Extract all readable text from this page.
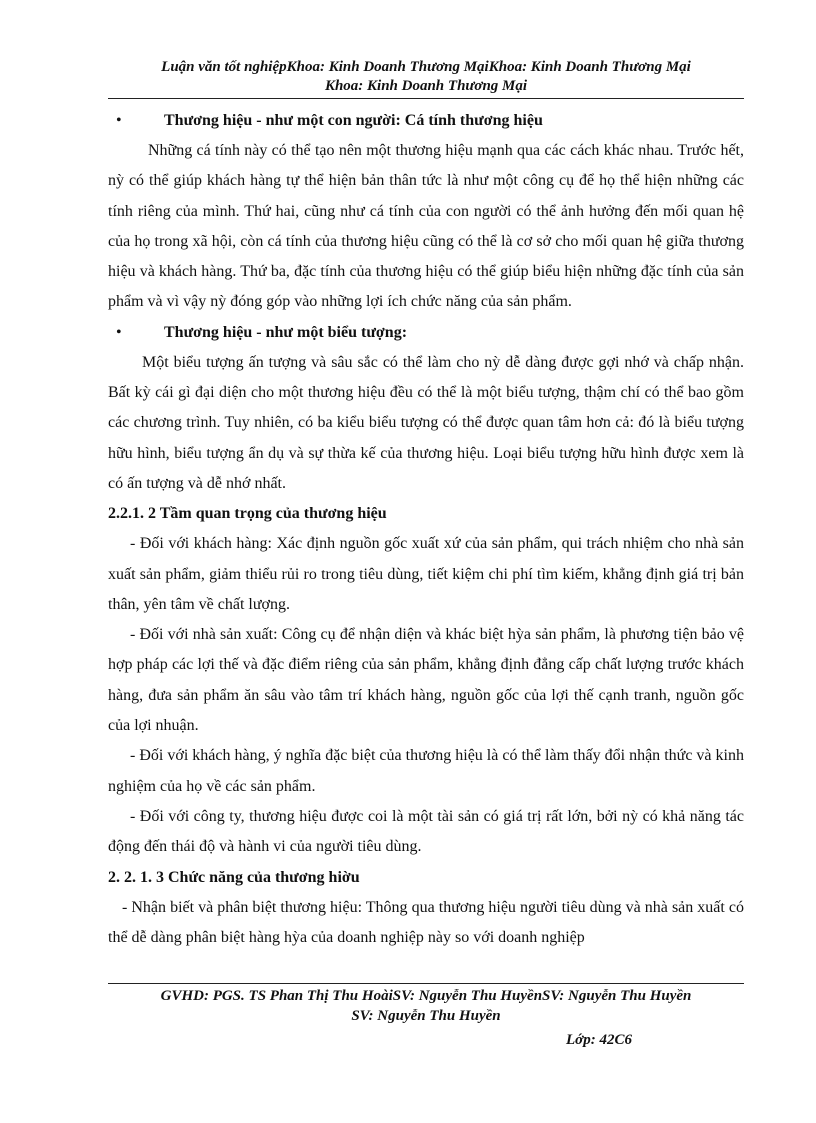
Luận văn tốt nghiệpKhoa: Kinh Doanh Thương MạiKhoa: Kinh Doanh Thương Mại
Khoa: Kinh Doanh Thương Mại
•	Thương hiệu - như một con người: Cá tính thương hiệu

Những cá tính này có thể tạo nên một thương hiệu mạnh qua các cách khác nhau. Trước hết, nỳ có thể giúp khách hàng tự thể hiện bản thân tức là như một công cụ để họ thể hiện những các tính riêng của mình. Thứ hai, cũng như cá tính của con người có thể ảnh hưởng đến mối quan hệ của họ trong xã hội, còn cá tính của thương hiệu cũng có thể là cơ sở cho mối quan hệ giữa thương hiệu và khách hàng. Thứ ba, đặc tính của thương hiệu có thể giúp biểu hiện những đặc tính của sản phẩm và vì vậy nỳ đóng góp vào những lợi ích chức năng của sản phẩm.

•	Thương hiệu - như một biểu tượng:

Một biểu tượng ấn tượng và sâu sắc có thể làm cho nỳ dễ dàng được gợi nhớ và chấp nhận. Bất kỳ cái gì đại diện cho một thương hiệu đều có thể là một biểu tượng, thậm chí có thể bao gồm các chương trình. Tuy nhiên, có ba kiểu biểu tượng có thể được quan tâm hơn cả: đó là biểu tượng hữu hình, biểu tượng ẩn dụ và sự thừa kế của thương hiệu. Loại biểu tượng hữu hình được xem là có ấn tượng và dễ nhớ nhất.

2.2.1. 2 Tầm quan trọng của thương hiệu

- Đối với khách hàng: Xác định nguồn gốc xuất xứ của sản phẩm, qui trách nhiệm cho nhà sản xuất sản phẩm, giảm thiểu rủi ro trong tiêu dùng, tiết kiệm chi phí tìm kiếm, khẳng định giá trị bản thân, yên tâm về chất lượng.

- Đối với nhà sản xuất: Công cụ để nhận diện và khác biệt hỳa sản phẩm, là phương tiện bảo vệ hợp pháp các lợi thế và đặc điểm riêng của sản phẩm, khẳng định đẳng cấp chất lượng trước khách hàng, đưa sản phẩm ăn sâu vào tâm trí khách hàng, nguồn gốc của lợi thế cạnh tranh, nguồn gốc của lợi nhuận.

- Đối với khách hàng, ý nghĩa đặc biệt của thương hiệu là có thể làm thấy đổi nhận thức và kinh nghiệm của họ về các sản phẩm.

- Đối với công ty, thương hiệu được coi là một tài sản có giá trị rất lớn, bởi nỳ có khả năng tác động đến thái độ và hành vi của người tiêu dùng.

2. 2. 1. 3 Chức năng của thương hiờu

- Nhận biết và phân biệt thương hiệu: Thông qua thương hiệu người tiêu dùng và nhà sản xuất có thể dễ dàng phân biệt hàng hỳa của doanh nghiệp này so với doanh nghiệp

GVHD: PGS. TS Phan Thị Thu HoàiSV: Nguyễn Thu HuyềnSV: Nguyễn Thu Huyền
SV: Nguyễn Thu Huyền
Lớp: 42C6
